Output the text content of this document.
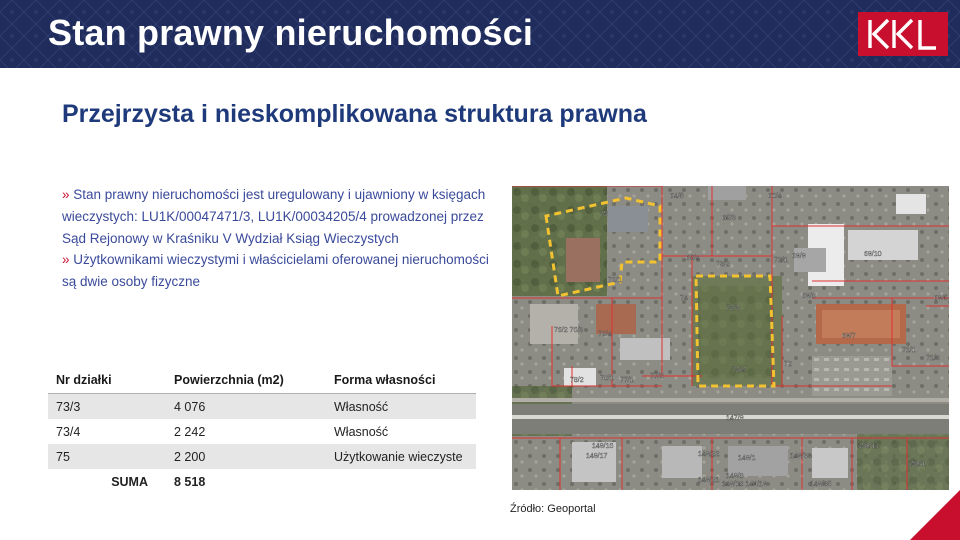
Stan prawny nieruchomości
Przejrzysta i nieskomplikowana struktura prawna

» Stan prawny nieruchomości jest uregulowany i ujawniony w księgach wieczystych: LU1K/00047471/3, LU1K/00034205/4 prowadzonej przez Sąd Rejonowy w Kraśniku V Wydział Ksiąg Wieczystych

» Użytkownikami wieczystymi i właścicielami oferowanej nieruchomości są dwie osoby fizyczne

Nr działki	Powierzchnia (m2)	Forma własności
73/3	4 076	Własność
73/4	2 242	Własność
75	2 200	Użytkowanie wieczyste
SUMA	8 518	
64/5	66/4
75
65/3
65/4
73/2
72/1
69/9	69/10
76/1
74	69/8	69/5
73/3
76/2 76/3
76/4	69/7
71/1
71/3
72
73/4
78/2 78/1 77/1
77/2
147/9
149/16
149/17	149/22
149/1	149/33
158/11
158/1
149/21
149/8
149/18 149/19	149/35
Źródło: Geoportal
